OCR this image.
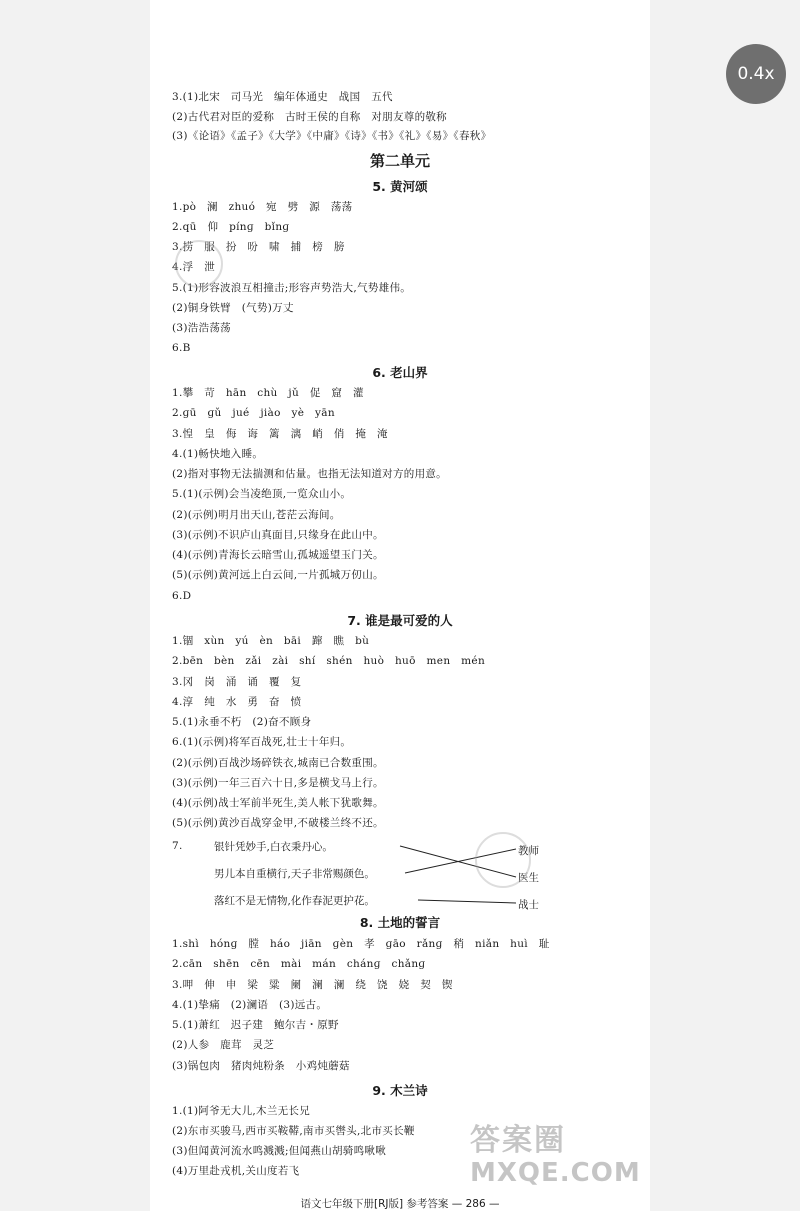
3.(1)北宋　司马光　编年体通史　战国　五代
(2)古代君对臣的爱称　古时王侯的自称　对朋友尊的敬称
(3)《论语》《孟子》《大学》《中庸》《诗》《书》《礼》《易》《春秋》
第二单元
5. 黄河颂
1.pò　澜　zhuó　宛　劈　源　荡荡
2.qū　仰　pínɡ　bǐnɡ
3.捞　服　扮　吩　啸　捕　榜　膀
4.浮　泄
5.(1)形容波浪互相撞击;形容声势浩大,气势雄伟。
(2)铜身铁臂　(气势)万丈
(3)浩浩荡荡
6.B
6. 老山界
1.攀　苛　hān　chù　jǔ　促　窟　灌
2.ɡū　ɡǔ　jué　jiào　yè　yān
3.惶　皇　侮　诲　篱　漓　峭　俏　掩　淹
4.(1)畅快地入睡。
(2)指对事物无法揣测和估量。也指无法知道对方的用意。
5.(1)(示例)会当凌绝顶,一览众山小。
(2)(示例)明月出天山,苍茫云海间。
(3)(示例)不识庐山真面目,只缘身在此山中。
(4)(示例)青海长云暗雪山,孤城遥望玉门关。
(5)(示例)黄河远上白云间,一片孤城万仞山。
6.D
7. 谁是最可爱的人
1.锢　xùn　yú　èn　bāi　蹿　瞧　bù
2.bēn　bèn　zǎi　zài　shí　shén　huò　huō　men　mén
3.冈　岗　涌　诵　覆　复
4.淳　纯　水　勇　奋　愤
5.(1)永垂不朽　(2)奋不顾身
6.(1)(示例)将军百战死,壮士十年归。
(2)(示例)百战沙场碎铁衣,城南已合数重围。
(3)(示例)一年三百六十日,多是横戈马上行。
(4)(示例)战士军前半死生,美人帐下犹歌舞。
(5)(示例)黄沙百战穿金甲,不破楼兰终不还。
7.	银针凭妙手,白衣秉丹心。
男儿本自重横行,天子非常赐颜色。
落红不是无情物,化作春泥更护花。
教师
医生
战士
8. 土地的誓言
1.shì　hónɡ　膛　háo　jiān　ɡèn　孝　ɡāo　rǎnɡ　稍　niǎn　huì　耻
2.cān　shēn　cēn　mài　mán　chánɡ　chǎnɡ
3.呷　伸　申　梁　粱　阑　澜　澜　绕　饶　娆　契　锲
4.(1)挚痛　(2)澜语　(3)远古。
5.(1)萧红　迟子建　鲍尔吉・原野
(2)人参　鹿茸　灵芝
(3)锅包肉　猪肉炖粉条　小鸡炖蘑菇
9. 木兰诗
1.(1)阿爷无大儿,木兰无长兄
(2)东市买骏马,西市买鞍鞯,南市买辔头,北市买长鞭
(3)但闻黄河流水鸣溅溅;但闻燕山胡骑鸣啾啾
(4)万里赴戎机,关山度若飞
语文七年级下册[RJ版] 参考答案 — 286 —
0.4x
答案圈
MXQE.COM
